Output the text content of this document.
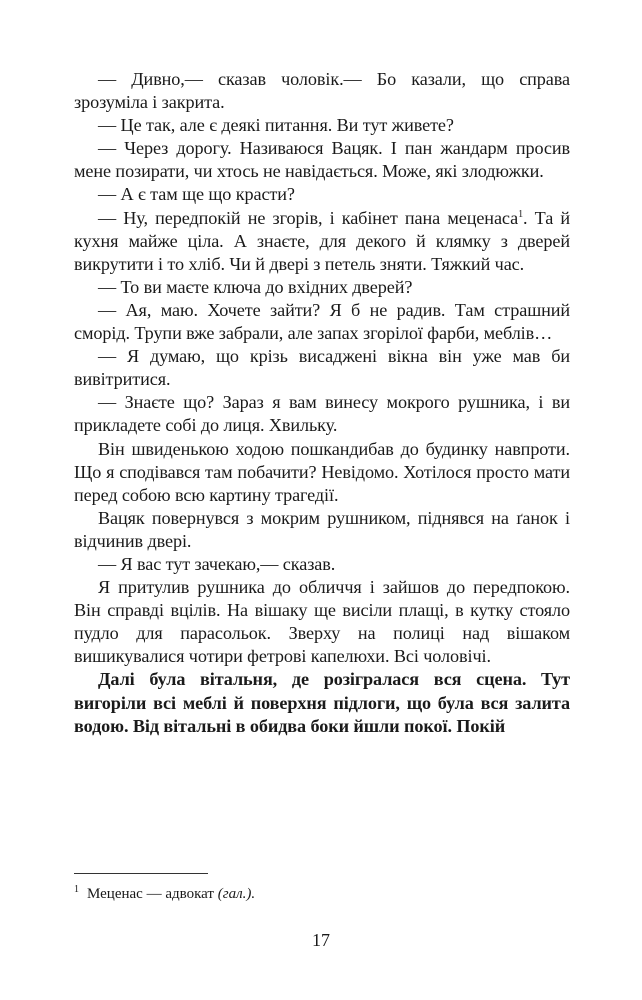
— Дивно,— сказав чоловік.— Бо казали, що справа зрозуміла і закрита.

— Це так, але є деякі питання. Ви тут живете?

— Через дорогу. Називаюся Вацяк. І пан жандарм просив мене позирати, чи хтось не навідається. Може, які злодюжки.

— А є там ще що красти?

— Ну, передпокій не згорів, і кабінет пана меценаса$^1$. Та й кухня майже ціла. А знаєте, для декого й клямку з дверей викрутити і то хліб. Чи й двері з петель зняти. Тяжкий час.

— То ви маєте ключа до вхідних дверей?

— Ая, маю. Хочете зайти? Я б не радив. Там страшний сморід. Трупи вже забрали, але запах згорілої фарби, меблів…

— Я думаю, що крізь висаджені вікна він уже мав би вивітритися.

— Знаєте що? Зараз я вам винесу мокрого рушника, і ви прикладете собі до лиця. Хвильку.

Він швиденькою ходою пошкандибав до будинку навпроти. Що я сподівався там побачити? Невідомо. Хотілося просто мати перед собою всю картину трагедії.

Вацяк повернувся з мокрим рушником, піднявся на ґанок і відчинив двері.

— Я вас тут зачекаю,— сказав.

Я притулив рушника до обличчя і зайшов до передпокою. Він справді вцілів. На вішаку ще висіли плащі, в кутку стояло пудло для парасольок. Зверху на полиці над вішаком вишикувалися чотири фетрові капелюхи. Всі чоловічі.

Далі була вітальня, де розігралася вся сцена. Тут вигоріли всі меблі й поверхня підлоги, що була вся залита водою. Від вітальні в обидва боки йшли покої. Покій

$^1$ Меценас — адвокат (гал.).
17
